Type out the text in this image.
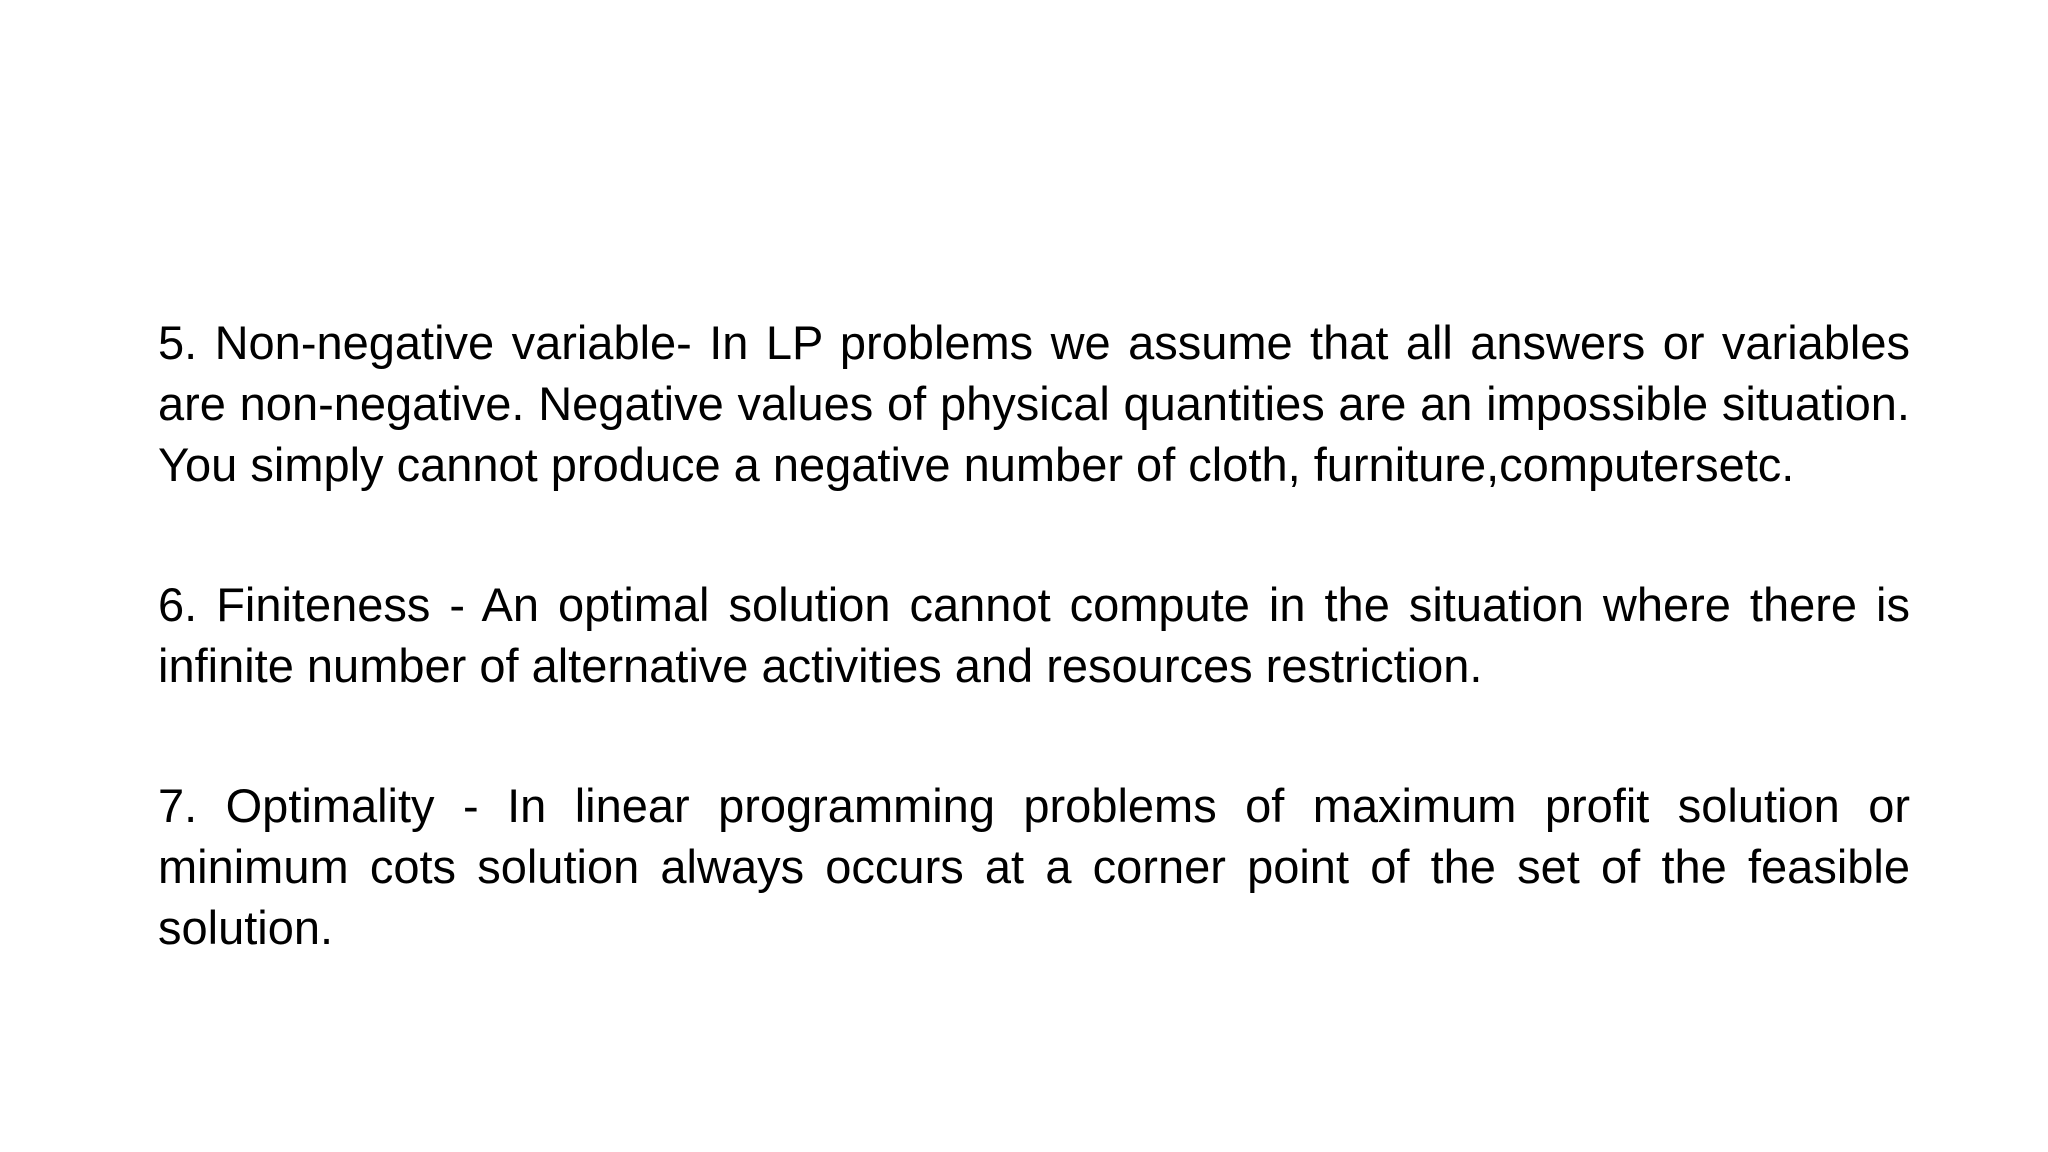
5. Non-negative variable- In LP problems we assume that all answers or variables are non-negative. Negative values of physical quantities are an impossible situation. You simply cannot produce a negative number of cloth, furniture,computersetc.

6. Finiteness - An optimal solution cannot compute in the situation where there is infinite number of alternative activities and resources restriction.

7. Optimality - In linear programming problems of maximum profit solution or minimum cots solution always occurs at a corner point of the set of the feasible solution.
